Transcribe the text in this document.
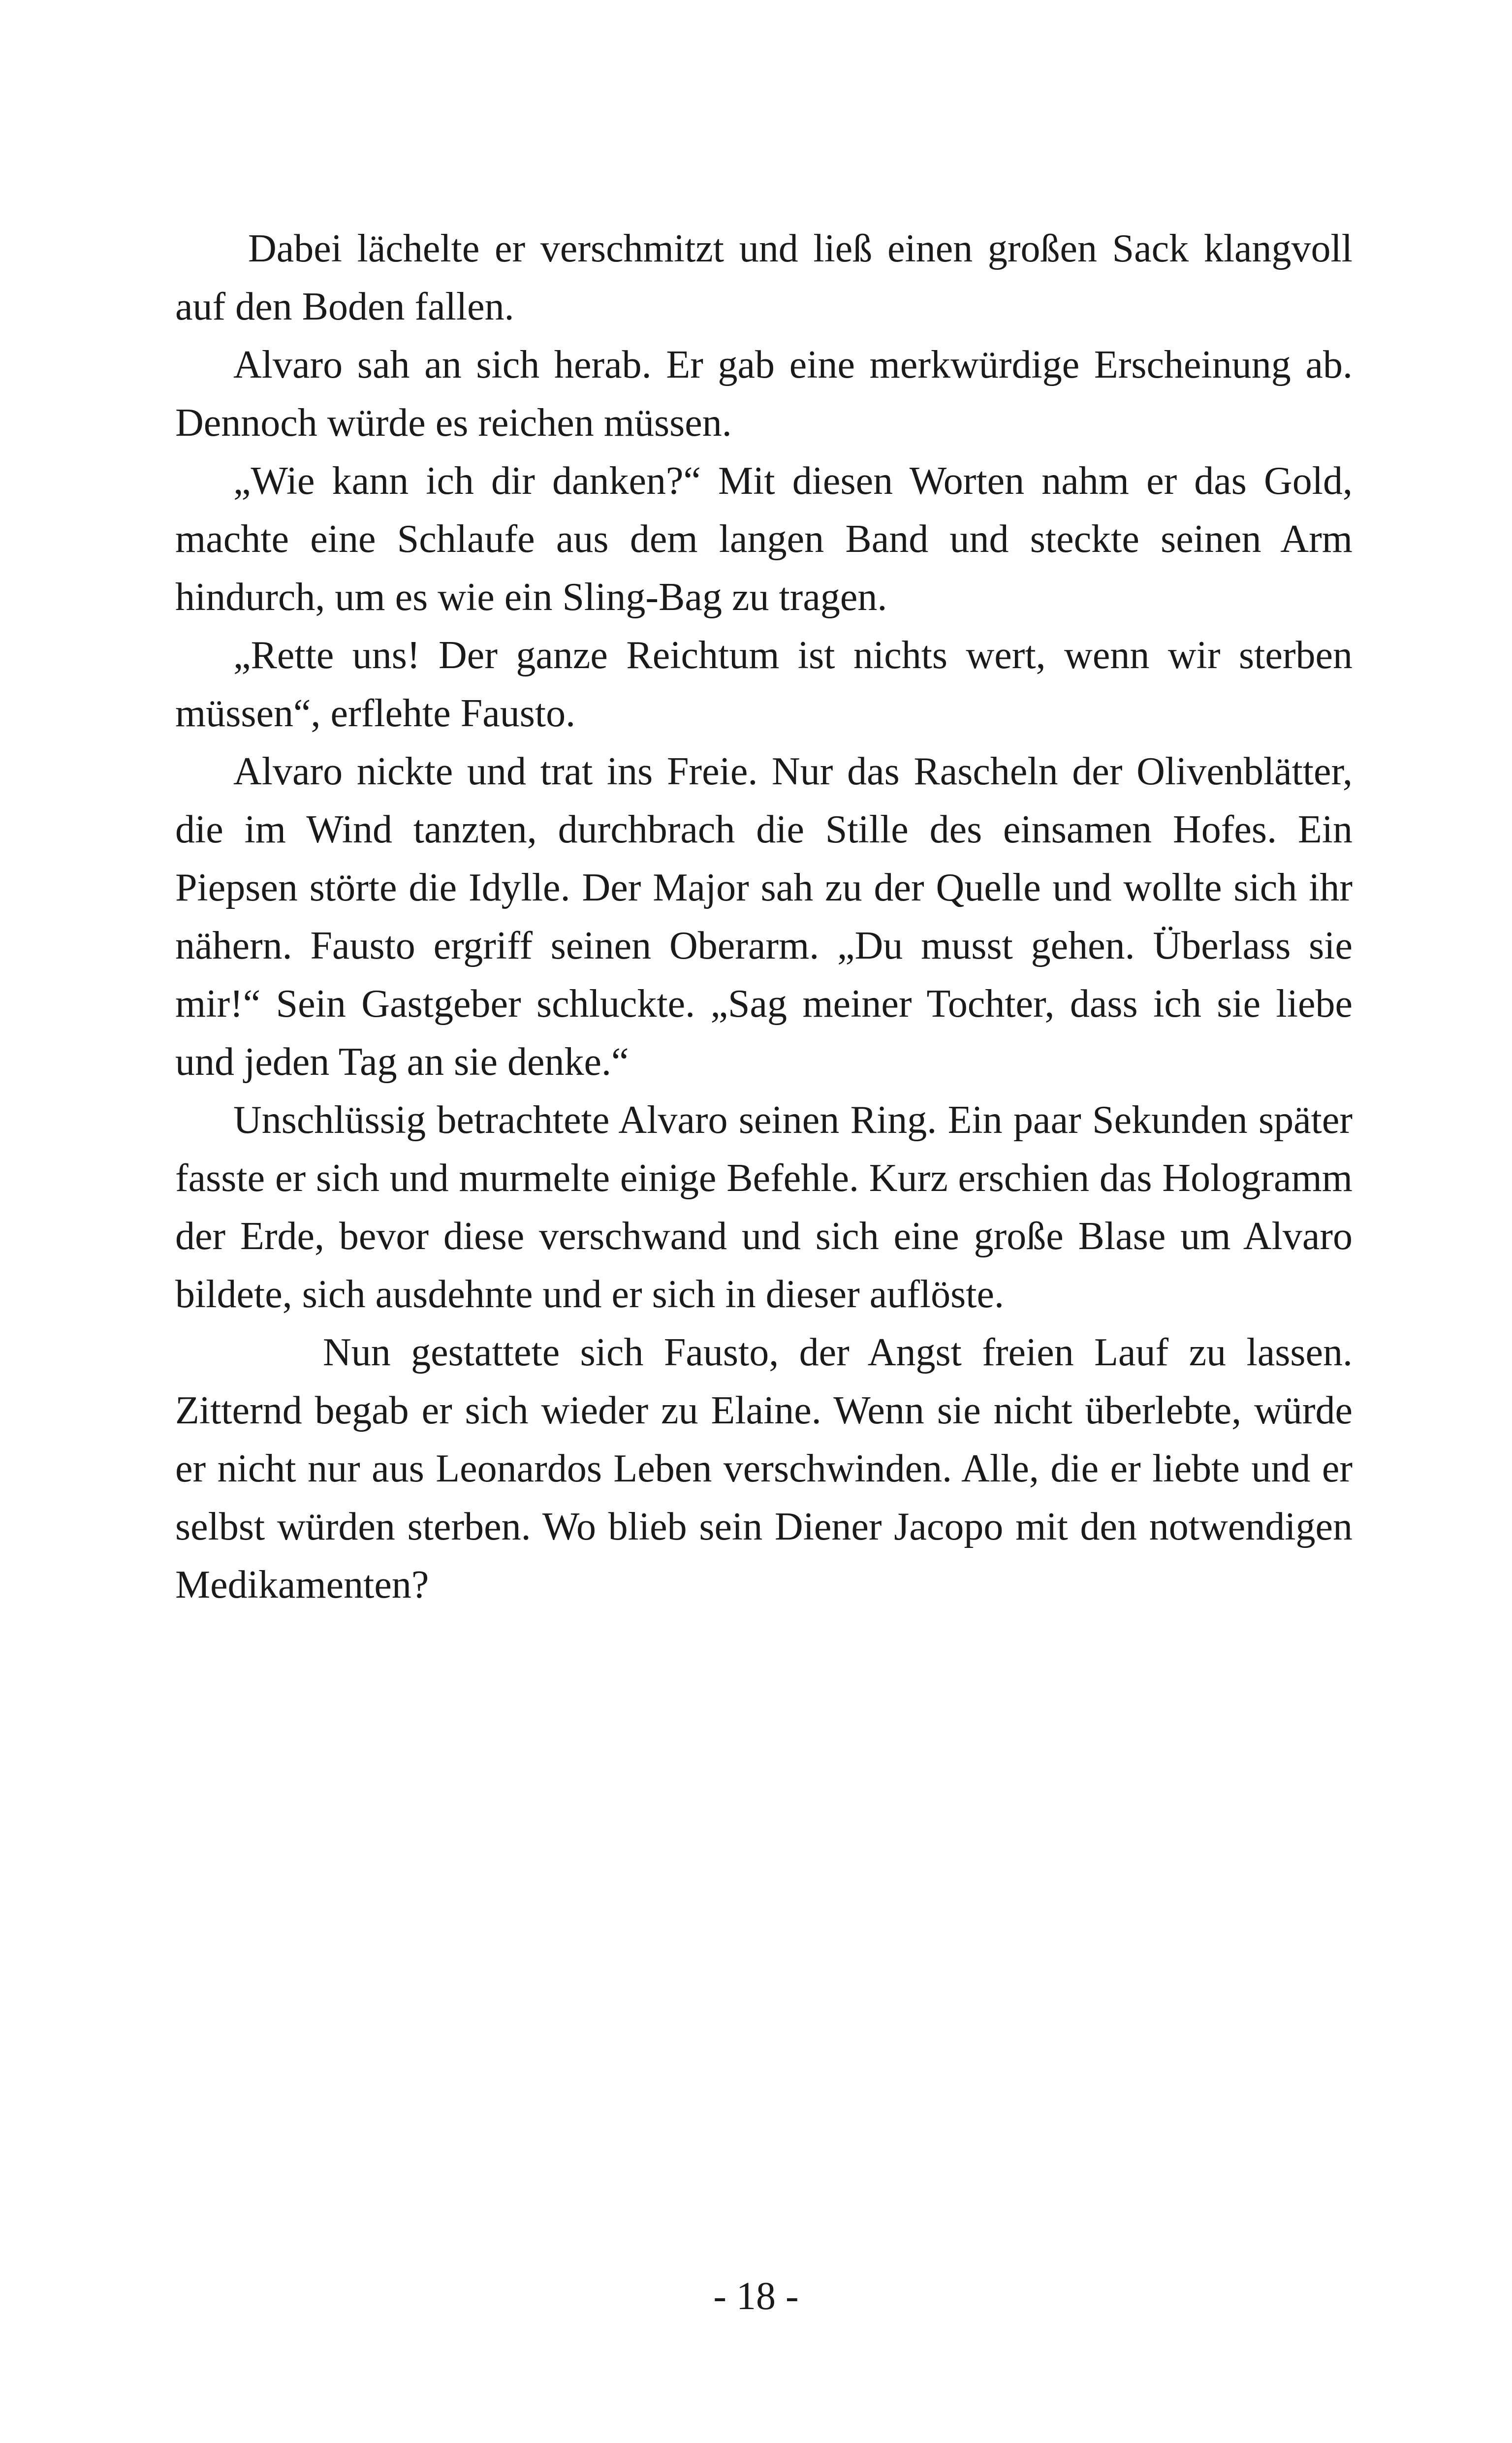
Dabei lächelte er verschmitzt und ließ einen großen Sack klangvoll auf den Boden fallen.

Alvaro sah an sich herab. Er gab eine merkwürdige Erscheinung ab. Dennoch würde es reichen müssen.

„Wie kann ich dir danken?“ Mit diesen Worten nahm er das Gold, machte eine Schlaufe aus dem langen Band und steckte seinen Arm hindurch, um es wie ein Sling-Bag zu tragen.

„Rette uns! Der ganze Reichtum ist nichts wert, wenn wir sterben müssen“, erflehte Fausto.

Alvaro nickte und trat ins Freie. Nur das Rascheln der Olivenblätter, die im Wind tanzten, durchbrach die Stille des einsamen Hofes. Ein Piepsen störte die Idylle. Der Major sah zu der Quelle und wollte sich ihr nähern. Fausto ergriff seinen Oberarm. „Du musst gehen. Überlass sie mir!“ Sein Gastgeber schluckte. „Sag meiner Tochter, dass ich sie liebe und jeden Tag an sie denke.“

Unschlüssig betrachtete Alvaro seinen Ring. Ein paar Sekunden später fasste er sich und murmelte einige Befehle. Kurz erschien das Hologramm der Erde, bevor diese verschwand und sich eine große Blase um Alvaro bildete, sich ausdehnte und er sich in dieser auflöste.

Nun gestattete sich Fausto, der Angst freien Lauf zu lassen. Zitternd begab er sich wieder zu Elaine. Wenn sie nicht überlebte, würde er nicht nur aus Leonardos Leben verschwinden. Alle, die er liebte und er selbst würden sterben. Wo blieb sein Diener Jacopo mit den notwendigen Medikamenten?

- 18 -
